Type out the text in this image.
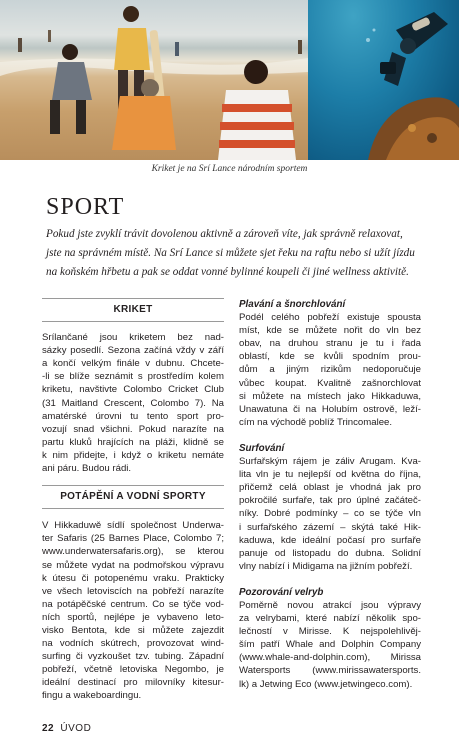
Kriket je na Srí Lance národním sportem
SPORT
Pokud jste zvyklí trávit dovolenou aktivně a zároveň víte, jak správně relaxovat,
jste na správném místě. Na Srí Lance si můžete sjet řeku na raftu nebo si užít jízdu
na koňském hřbetu a pak se oddat vonné bylinné koupeli či jiné wellness aktivitě.
KRIKET
Srílančané jsou kriketem bez nad-
sázky posedlí. Sezona začíná vždy v září
a končí velkým finále v dubnu. Chcete-
-li se blíže seznámit s prostředím kolem
kriketu, navštivte Colombo Cricket Club
(31 Maitland Crescent, Colombo 7). Na
amatérské úrovni tu tento sport pro-
vozují snad všichni. Pokud narazíte na
partu kluků hrajících na pláži, klidně se
k nim přidejte, i když o kriketu nemáte
ani páru. Budou rádi.
POTÁPĚNÍ A VODNÍ SPORTY
V Hikkaduwě sídlí společnost Underwa-
ter Safaris (25 Barnes Place, Colombo 7;
www.underwatersafaris.org), se kterou
se můžete vydat na podmořskou výpravu
k útesu či potopenému vraku. Prakticky
ve všech letoviscích na pobřeží narazíte
na potápěčské centrum. Co se týče vod-
ních sportů, nejlépe je vybaveno leto-
visko Bentota, kde si můžete zajezdit
na vodních skútrech, provozovat wind-
surfing či vyzkoušet tzv. tubing. Západní
pobřeží, včetně letoviska Negombo, je
ideální destinací pro milovníky kitesur-
fingu a wakeboardingu.
Plavání a šnorchlování
Podél celého pobřeží existuje spousta
míst, kde se můžete nořit do vln bez
obav, na druhou stranu je tu i řada
oblastí, kde se kvůli spodním prou-
dům a jiným rizikům nedoporučuje
vůbec koupat. Kvalitně zašnorchlovat
si můžete na místech jako Hikkaduwa,
Unawatuna či na Holubím ostrově, leží-
cím na východě poblíž Trincomalee.
Surfování
Surfařským rájem je záliv Arugam. Kva-
lita vln je tu nejlepší od května do října,
přičemž celá oblast je vhodná jak pro
pokročilé surfaře, tak pro úplné začáteč-
níky. Dobré podmínky – co se týče vln
i surfařského zázemí – skýtá také Hik-
kaduwa, kde ideální počasí pro surfaře
panuje od listopadu do dubna. Solidní
vlny nabízí i Midigama na jižním pobřeží.
Pozorování velryb
Poměrně novou atrakcí jsou výpravy
za velrybami, které nabízí několik spo-
lečností v Mirisse. K nejspolehlivěj-
ším patří Whale and Dolphin Company
(www.whale-and-dolphin.com), Mirissa
Watersports (www.mirissawatersports.
lk) a Jetwing Eco (www.jetwingeco.com).
22 ÚVOD
